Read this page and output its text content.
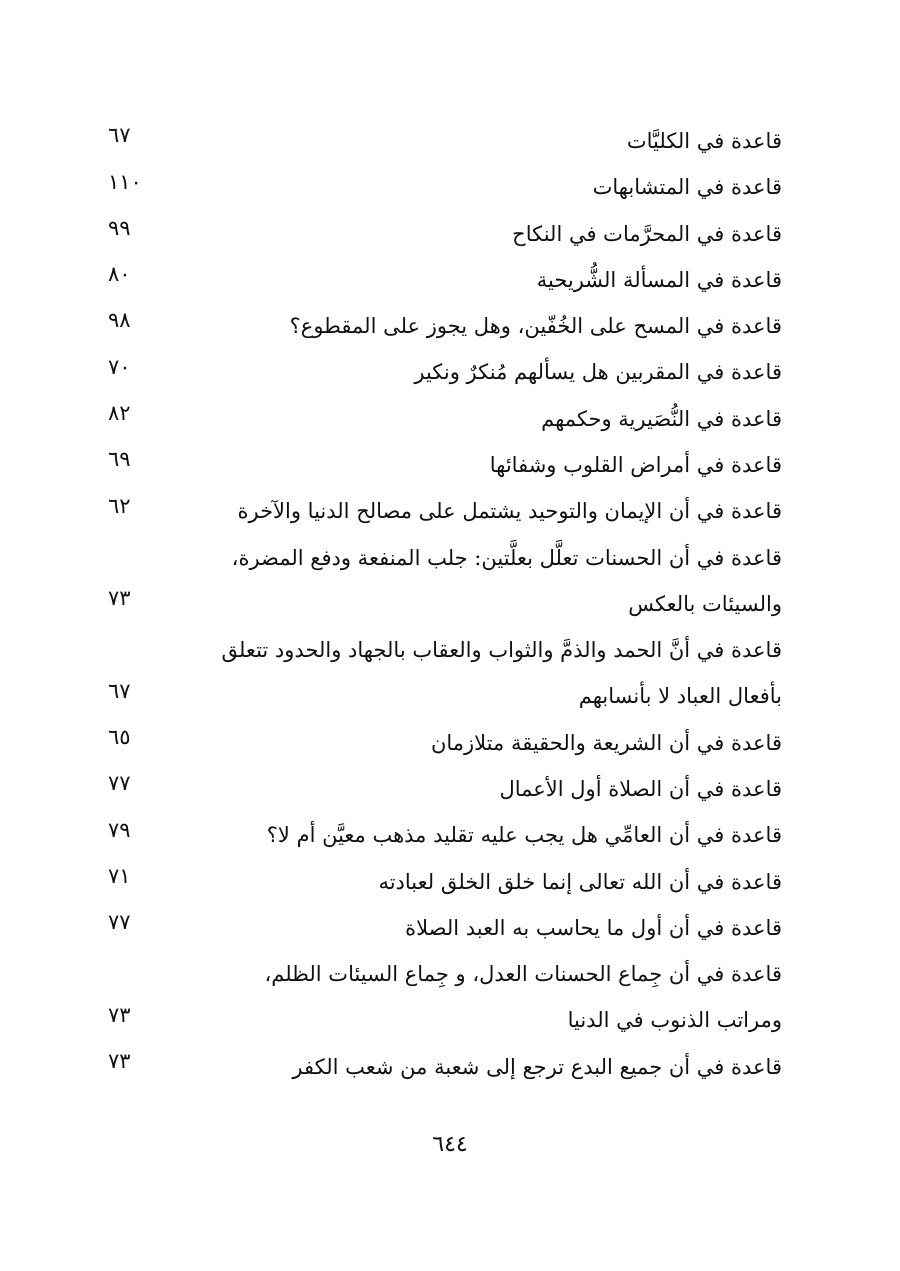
قاعدة في الكليَّات
٦٧
قاعدة في المتشابهات
١١٠
قاعدة في المحرَّمات في النكاح
٩٩
قاعدة في المسألة الشُّريحية
٨٠
قاعدة في المسح على الخُفّين، وهل يجوز على المقطوع؟
٩٨
قاعدة في المقربين هل يسألهم مُنكرٌ ونكير
٧٠
قاعدة في النُّصَيرية وحكمهم
٨٢
قاعدة في أمراض القلوب وشفائها
٦٩
قاعدة في أن الإيمان والتوحيد يشتمل على مصالح الدنيا والآخرة
٦٢
قاعدة في أن الحسنات تعلَّل بعلَّتين: جلب المنفعة ودفع المضرة، والسيئات بالعكس
٧٣
قاعدة في أنَّ الحمد والذمَّ والثواب والعقاب بالجهاد والحدود تتعلق بأفعال العباد لا بأنسابهم
٦٧
قاعدة في أن الشريعة والحقيقة متلازمان
٦٥
قاعدة في أن الصلاة أول الأعمال
٧٧
قاعدة في أن العامِّي هل يجب عليه تقليد مذهب معيَّن أم لا؟
٧٩
قاعدة في أن الله تعالى إنما خلق الخلق لعبادته
٧١
قاعدة في أن أول ما يحاسب به العبد الصلاة
٧٧
قاعدة في أن جِماع الحسنات العدل، و جِماع السيئات الظلم، ومراتب الذنوب في الدنيا
٧٣
قاعدة في أن جميع البدع ترجع إلى شعبة من شعب الكفر
٧٣
٦٤٤
